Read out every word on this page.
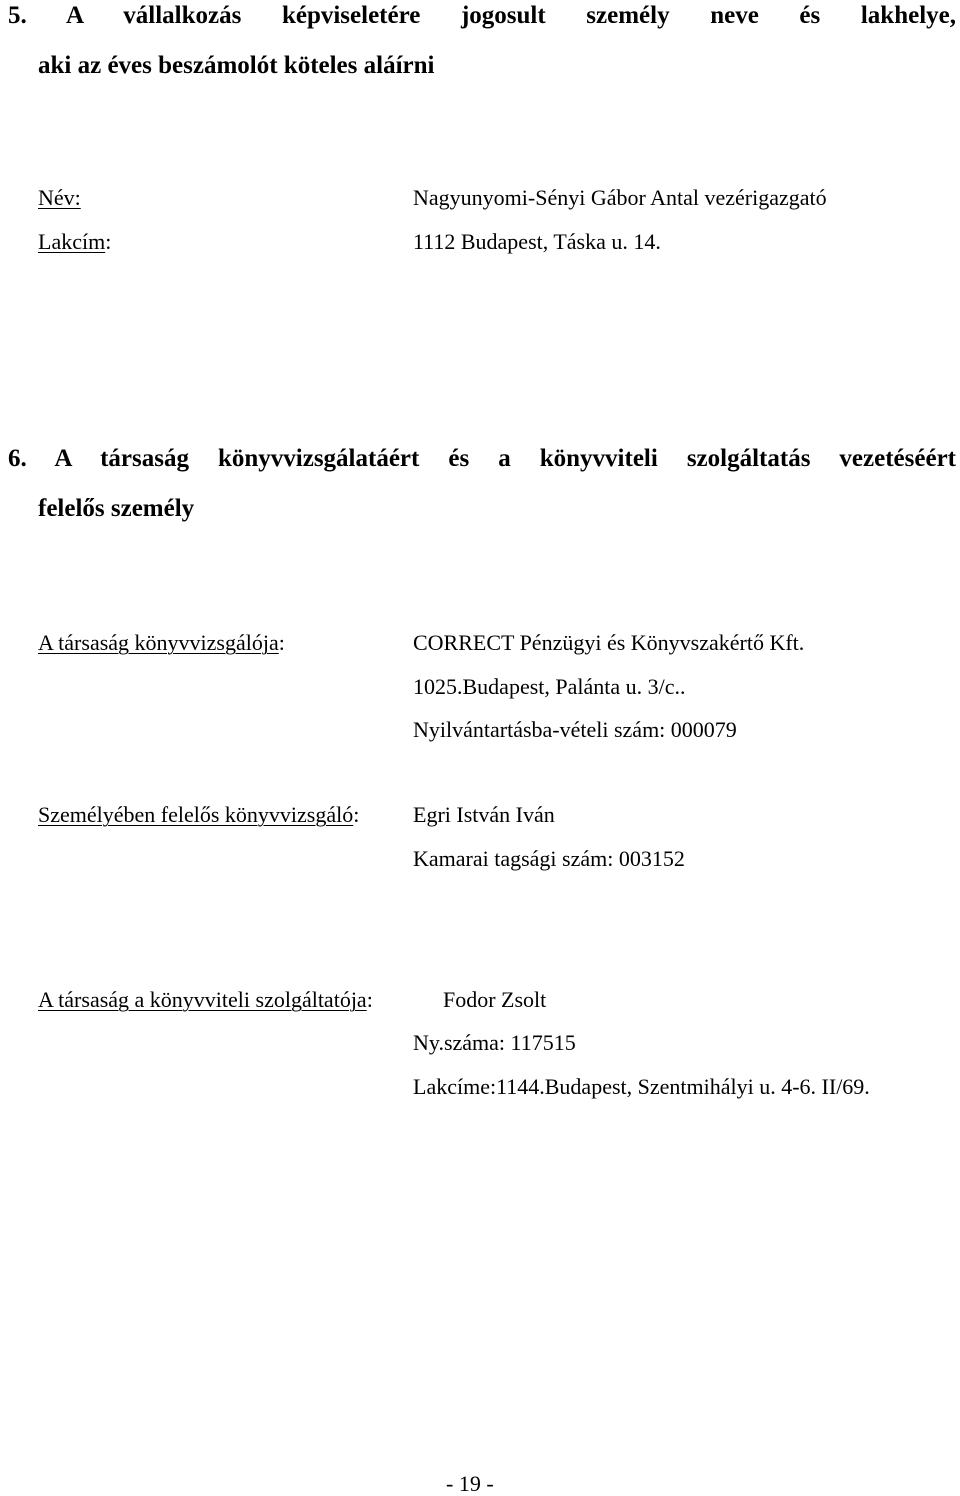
5. A vállalkozás képviseletére jogosult személy neve és lakhelye,
aki az éves beszámolót köteles aláírni
Név:	Nagyunyomi-Sényi Gábor Antal vezérigazgató
Lakcím:	1112 Budapest, Táska u. 14.
6. A társaság könyvvizsgálatáért és a könyvviteli szolgáltatás vezetéséért
felelős személy
A társaság könyvvizsgálója:	CORRECT Pénzügyi és Könyvszakértő Kft.
1025.Budapest, Palánta u. 3/c..
Nyilvántartásba-vételi szám: 000079
Személyében felelős könyvvizsgáló: Egri István Iván
Kamarai tagsági szám: 003152
A társaság a könyvviteli szolgáltatója:	Fodor Zsolt
Ny.száma: 117515
Lakcíme:1144.Budapest, Szentmihályi u. 4-6. II/69.
- 19 -
